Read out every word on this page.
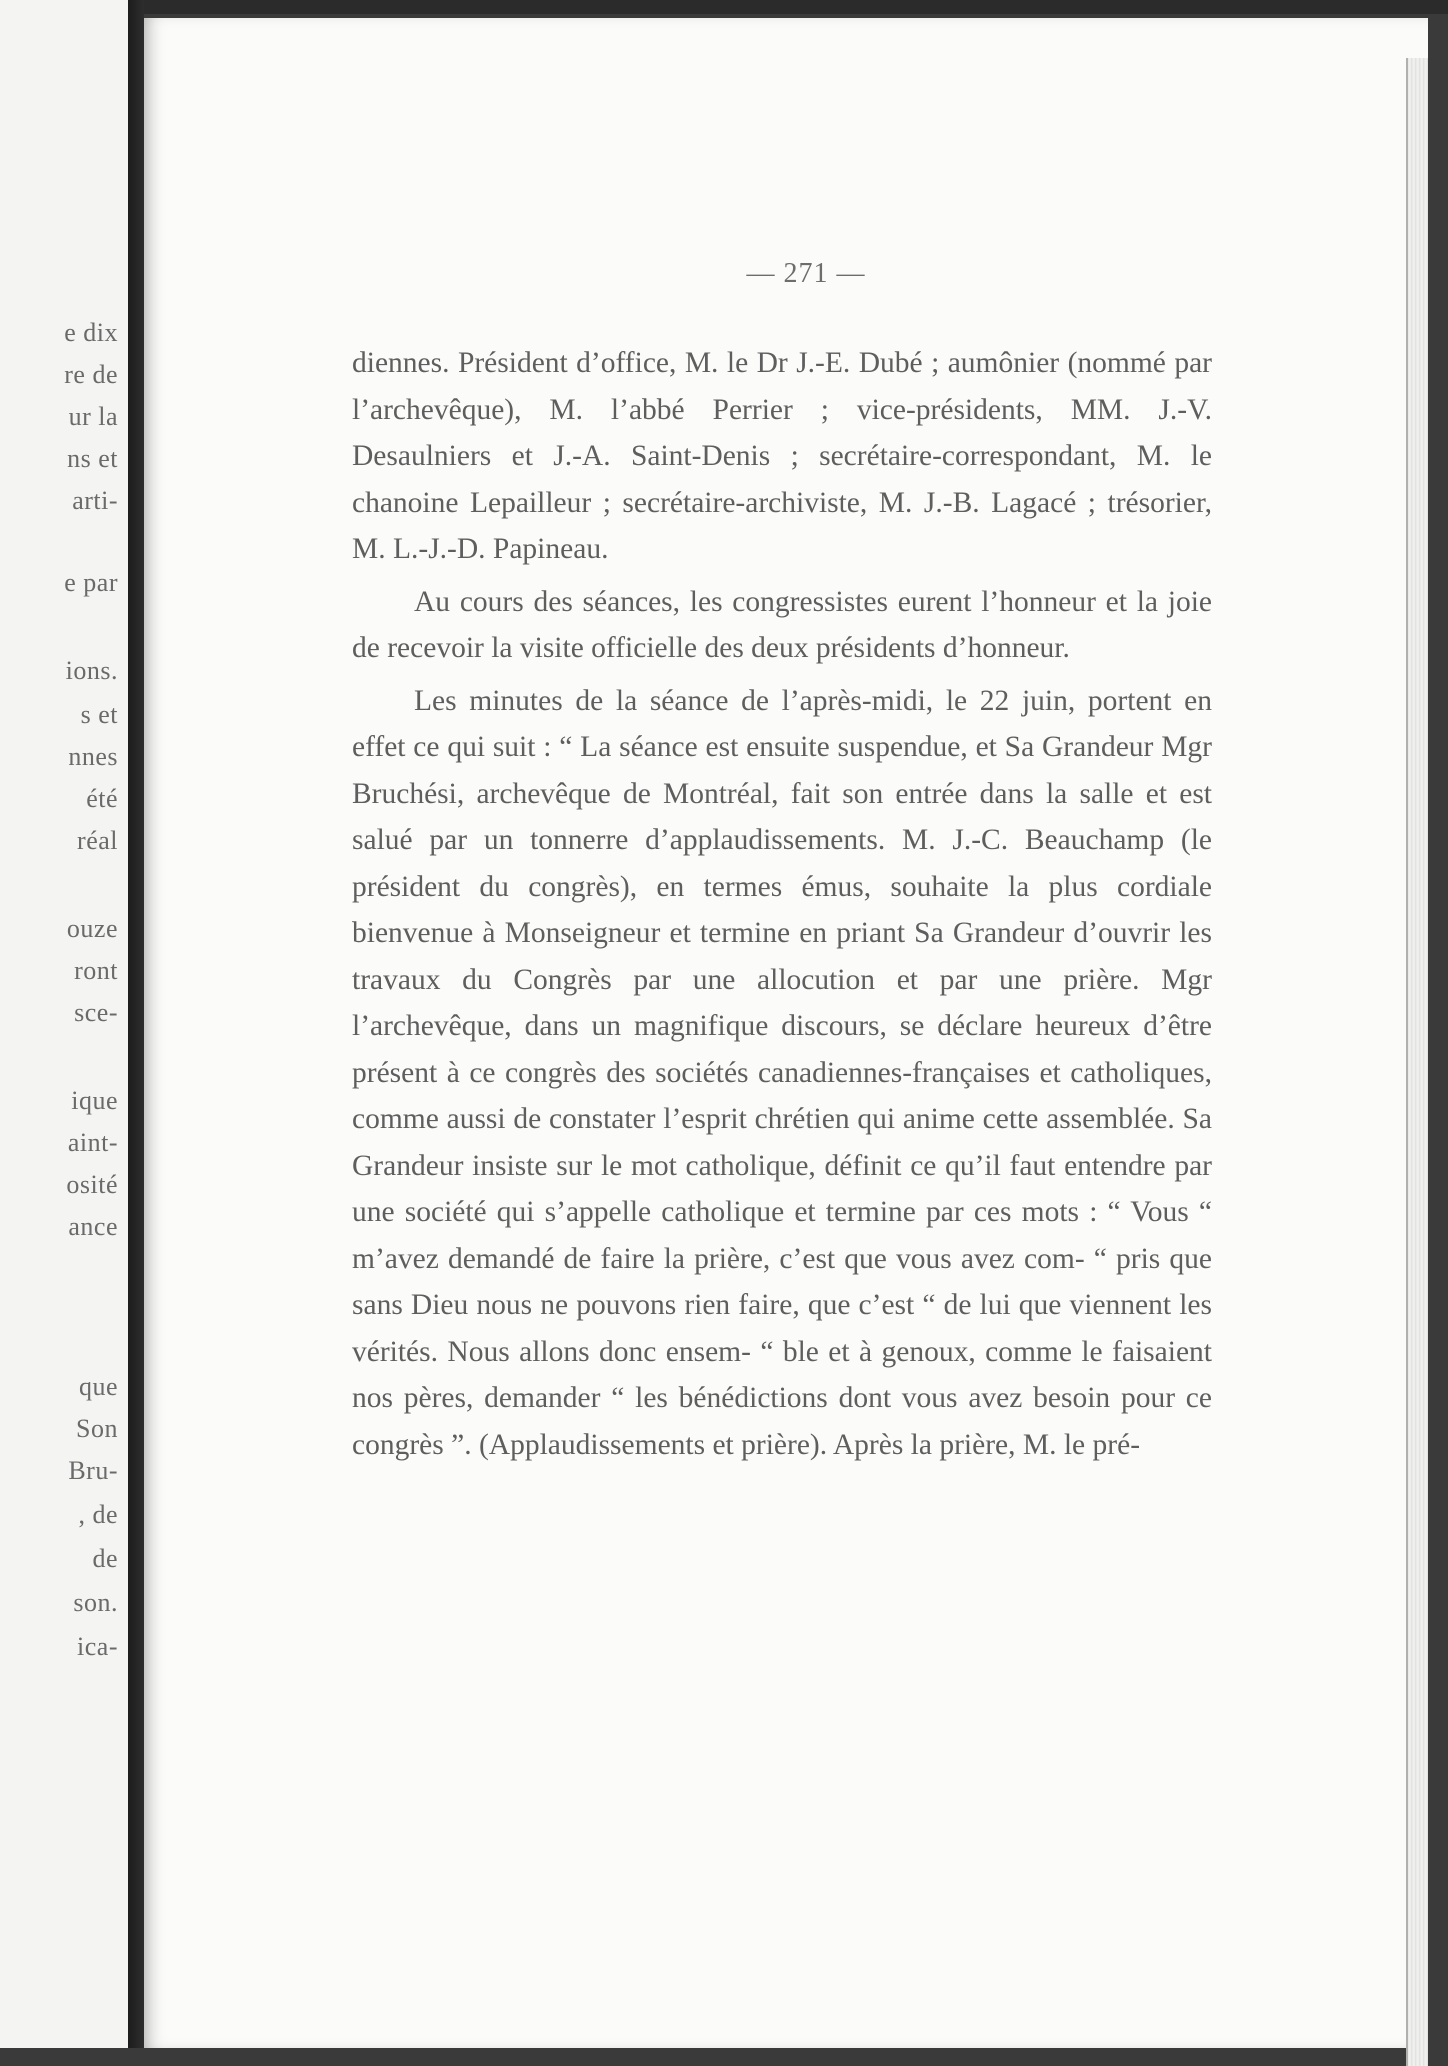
e dix
re de
ur la
ns et
arti-
e par
ions.
s et
nnes
été
réal
ouze
ront
sce-
ique
aint-
osité
ance
que
Son
Bru-
, de
de
son.
ica-
— 271 —

diennes. Président d’office, M. le Dr J.-E. Dubé ; aumônier (nommé par l’archevêque), M. l’abbé Perrier ; vice-présidents, MM. J.-V. Desaulniers et J.-A. Saint-Denis ; secrétaire-correspondant, M. le chanoine Lepailleur ; secrétaire-archiviste, M. J.-B. Lagacé ; trésorier, M. L.-J.-D. Papineau.

Au cours des séances, les congressistes eurent l’honneur et la joie de recevoir la visite officielle des deux présidents d’honneur.

Les minutes de la séance de l’après-midi, le 22 juin, portent en effet ce qui suit : “ La séance est ensuite suspendue, et Sa Grandeur Mgr Bruchési, archevêque de Montréal, fait son entrée dans la salle et est salué par un tonnerre d’applaudissements. M. J.-C. Beauchamp (le président du congrès), en termes émus, souhaite la plus cordiale bienvenue à Monseigneur et termine en priant Sa Grandeur d’ouvrir les travaux du Congrès par une allocution et par une prière. Mgr l’archevêque, dans un magnifique discours, se déclare heureux d’être présent à ce congrès des sociétés canadiennes-françaises et catholiques, comme aussi de constater l’esprit chrétien qui anime cette assemblée. Sa Grandeur insiste sur le mot catholique, définit ce qu’il faut entendre par une société qui s’appelle catholique et termine par ces mots : “ Vous “ m’avez demandé de faire la prière, c’est que vous avez com- “ pris que sans Dieu nous ne pouvons rien faire, que c’est “ de lui que viennent les vérités. Nous allons donc ensem- “ ble et à genoux, comme le faisaient nos pères, demander “ les bénédictions dont vous avez besoin pour ce congrès ”. (Applaudissements et prière). Après la prière, M. le pré-
